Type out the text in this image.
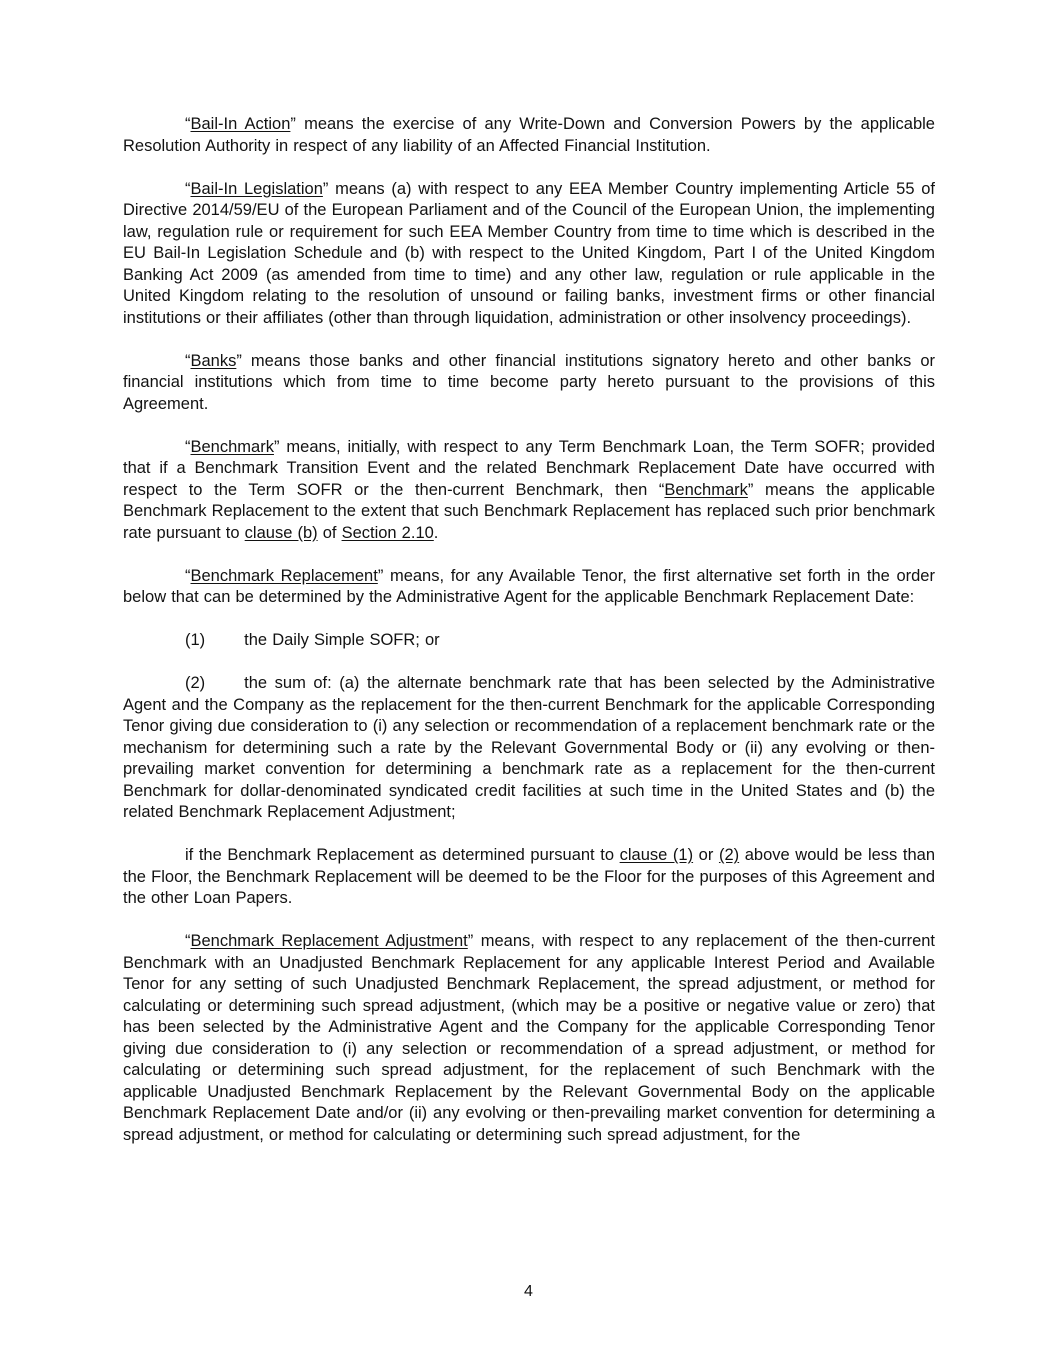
“Bail-In Action” means the exercise of any Write-Down and Conversion Powers by the applicable Resolution Authority in respect of any liability of an Affected Financial Institution.

“Bail-In Legislation” means (a) with respect to any EEA Member Country implementing Article 55 of Directive 2014/59/EU of the European Parliament and of the Council of the European Union, the implementing law, regulation rule or requirement for such EEA Member Country from time to time which is described in the EU Bail-In Legislation Schedule and (b) with respect to the United Kingdom, Part I of the United Kingdom Banking Act 2009 (as amended from time to time) and any other law, regulation or rule applicable in the United Kingdom relating to the resolution of unsound or failing banks, investment firms or other financial institutions or their affiliates (other than through liquidation, administration or other insolvency proceedings).

“Banks” means those banks and other financial institutions signatory hereto and other banks or financial institutions which from time to time become party hereto pursuant to the provisions of this Agreement.

“Benchmark” means, initially, with respect to any Term Benchmark Loan, the Term SOFR; provided that if a Benchmark Transition Event and the related Benchmark Replacement Date have occurred with respect to the Term SOFR or the then-current Benchmark, then “Benchmark” means the applicable Benchmark Replacement to the extent that such Benchmark Replacement has replaced such prior benchmark rate pursuant to clause (b) of Section 2.10.

“Benchmark Replacement” means, for any Available Tenor, the first alternative set forth in the order below that can be determined by the Administrative Agent for the applicable Benchmark Replacement Date:

(1) the Daily Simple SOFR; or

(2) the sum of: (a) the alternate benchmark rate that has been selected by the Administrative Agent and the Company as the replacement for the then-current Benchmark for the applicable Corresponding Tenor giving due consideration to (i) any selection or recommendation of a replacement benchmark rate or the mechanism for determining such a rate by the Relevant Governmental Body or (ii) any evolving or then-prevailing market convention for determining a benchmark rate as a replacement for the then-current Benchmark for dollar-denominated syndicated credit facilities at such time in the United States and (b) the related Benchmark Replacement Adjustment;

if the Benchmark Replacement as determined pursuant to clause (1) or (2) above would be less than the Floor, the Benchmark Replacement will be deemed to be the Floor for the purposes of this Agreement and the other Loan Papers.

“Benchmark Replacement Adjustment” means, with respect to any replacement of the then-current Benchmark with an Unadjusted Benchmark Replacement for any applicable Interest Period and Available Tenor for any setting of such Unadjusted Benchmark Replacement, the spread adjustment, or method for calculating or determining such spread adjustment, (which may be a positive or negative value or zero) that has been selected by the Administrative Agent and the Company for the applicable Corresponding Tenor giving due consideration to (i) any selection or recommendation of a spread adjustment, or method for calculating or determining such spread adjustment, for the replacement of such Benchmark with the applicable Unadjusted Benchmark Replacement by the Relevant Governmental Body on the applicable Benchmark Replacement Date and/or (ii) any evolving or then-prevailing market convention for determining a spread adjustment, or method for calculating or determining such spread adjustment, for the

4
